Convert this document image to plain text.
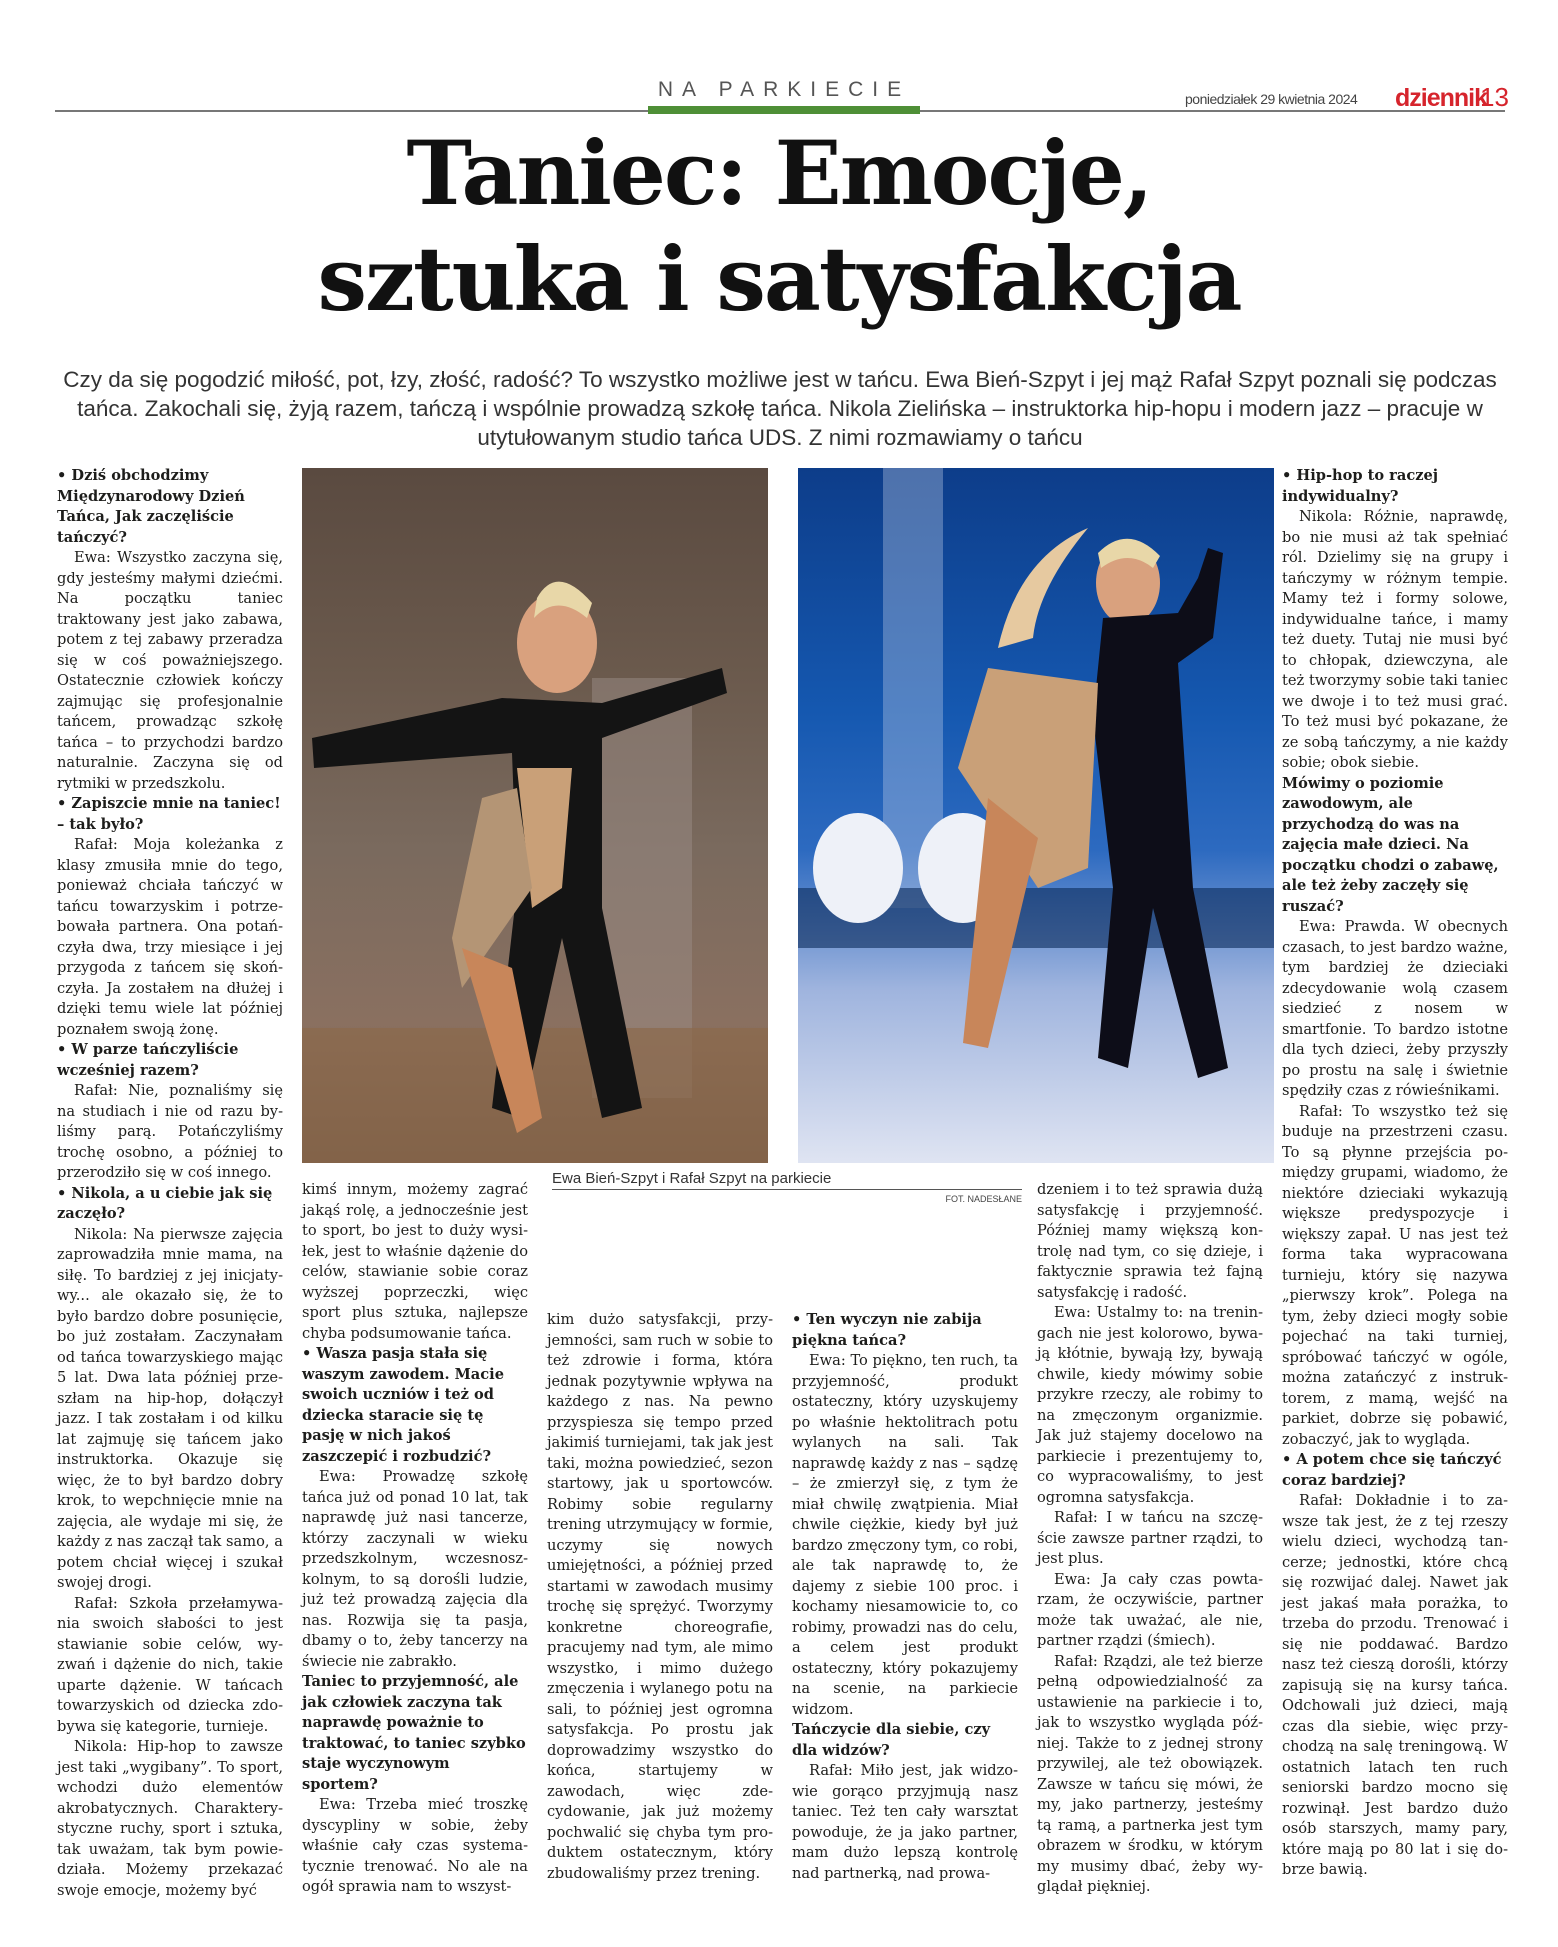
NA PARKIECIE	poniedziałek 29 kwietnia 2024 dziennik
13
Taniec: Emocje,
sztuka i satysfakcja

Czy da się pogodzić miłość, pot, łzy, złość, radość? To wszystko możliwe jest w tańcu. Ewa Bień-Szpyt i jej mąż Rafał Szpyt poznali się podczas tańca. Zakochali się, żyją razem, tańczą i wspólnie prowadzą szkołę tańca. Nikola Zielińska – instruktorka hip-hopu i modern jazz – pracuje w utytułowanym studio tańca UDS. Z nimi rozmawiamy o tańcu

Ewa Bień-Szpyt i Rafał Szpyt na parkiecie
FOT. NADESŁANE

• Dziś obchodzimy Międzynarodowy Dzień Tańca, Jak zaczęliście tańczyć?

Ewa: Wszystko zaczyna się, gdy jesteśmy małymi dziećmi. Na początku taniec traktowany jest jako zabawa, potem z tej zabawy przeradza się w coś poważniejszego. Ostatecznie człowiek kończy zajmując się profesjonalnie tańcem, prowadząc szkołę tańca – to przychodzi bardzo naturalnie. Zaczyna się od rytmiki w przedszkolu.

• Zapiszcie mnie na taniec! – tak było?

Rafał: Moja koleżanka z klasy zmusiła mnie do tego, ponieważ chciała tańczyć w tańcu towarzyskim i potrzebowała partnera. Ona potańczyła dwa, trzy miesiące i jej przygoda z tańcem się skończyła. Ja zostałem na dłużej i dzięki temu wiele lat później poznałem swoją żonę.

• W parze tańczyliście wcześniej razem?

Rafał: Nie, poznaliśmy się na studiach i nie od razu byliśmy parą. Potańczyliśmy trochę osobno, a później to przerodziło się w coś innego.

• Nikola, a u ciebie jak się zaczęło?

Nikola: Na pierwsze zajęcia zaprowadziła mnie mama, na siłę. To bardziej z jej inicjatywy... ale okazało się, że to było bardzo dobre posunięcie, bo już zostałam. Zaczynałam od tańca towarzyskiego mając 5 lat. Dwa lata później przeszłam na hip-hop, dołączył jazz. I tak zostałam i od kilku lat zajmuję się tańcem jako instruktorka. Okazuje się więc, że to był bardzo dobry krok, to wepchnięcie mnie na zajęcia, ale wydaje mi się, że każdy z nas zaczął tak samo, a potem chciał więcej i szukał swojej drogi.

Rafał: Szkoła przełamywania swoich słabości to jest stawianie sobie celów, wyzwań i dążenie do nich, takie uparte dążenie. W tańcach towarzyskich od dziecka zdobywa się kategorie, turnieje.

Nikola: Hip-hop to zawsze jest taki „wygibany”. To sport, wchodzi dużo elementów akrobatycznych. Charakterystyczne ruchy, sport i sztuka, tak uważam, tak bym powiedziała. Możemy przekazać swoje emocje, możemy być

kimś innym, możemy zagrać jakąś rolę, a jednocześnie jest to sport, bo jest to duży wysiłek, jest to właśnie dążenie do celów, stawianie sobie coraz wyższej poprzeczki, więc sport plus sztuka, najlepsze chyba podsumowanie tańca.

• Wasza pasja stała się waszym zawodem. Macie swoich uczniów i też od dziecka staracie się tę pasję w nich jakoś zaszczepić i rozbudzić?

Ewa: Prowadzę szkołę tańca już od ponad 10 lat, tak naprawdę już nasi tancerze, którzy zaczynali w wieku przedszkolnym, wczesnoszkolnym, to są dorośli ludzie, już też prowadzą zajęcia dla nas. Rozwija się ta pasja, dbamy o to, żeby tancerzy na świecie nie zabrakło.

Taniec to przyjemność, ale jak człowiek zaczyna tak naprawdę poważnie to traktować, to taniec szybko staje wyczynowym sportem?

Ewa: Trzeba mieć troszkę dyscypliny w sobie, żeby właśnie cały czas systematycznie trenować. No ale na ogół sprawia nam to wszyst-

kim dużo satysfakcji, przyjemności, sam ruch w sobie to też zdrowie i forma, która jednak pozytywnie wpływa na każdego z nas. Na pewno przyspiesza się tempo przed jakimiś turniejami, tak jak jest taki, można powiedzieć, sezon startowy, jak u sportowców. Robimy sobie regularny trening utrzymujący w formie, uczymy się nowych umiejętności, a później przed startami w zawodach musimy trochę się sprężyć. Tworzymy konkretne choreografie, pracujemy nad tym, ale mimo wszystko, i mimo dużego zmęczenia i wylanego potu na sali, to później jest ogromna satysfakcja. Po prostu jak doprowadzimy wszystko do końca, startujemy w zawodach, więc zdecydowanie, jak już możemy pochwalić się chyba tym produktem ostatecznym, który zbudowaliśmy przez trening.

• Ten wyczyn nie zabija piękna tańca?

Ewa: To piękno, ten ruch, ta przyjemność, produkt ostateczny, który uzyskujemy po właśnie hektolitrach potu wylanych na sali. Tak naprawdę każdy z nas – sądzę – że zmierzył się, z tym że miał chwilę zwątpienia. Miał chwile ciężkie, kiedy był już bardzo zmęczony tym, co robi, ale tak naprawdę to, że dajemy z siebie 100 proc. i kochamy niesamowicie to, co robimy, prowadzi nas do celu, a celem jest produkt ostateczny, który pokazujemy na scenie, na parkiecie widzom.

Tańczycie dla siebie, czy dla widzów?

Rafał: Miło jest, jak widzowie gorąco przyjmują nasz taniec. Też ten cały warsztat powoduje, że ja jako partner, mam dużo lepszą kontrolę nad partnerką, nad prowa-

dzeniem i to też sprawia dużą satysfakcję i przyjemność. Później mamy większą kontrolę nad tym, co się dzieje, i faktycznie sprawia też fajną satysfakcję i radość.

Ewa: Ustalmy to: na treningach nie jest kolorowo, bywają kłótnie, bywają łzy, bywają chwile, kiedy mówimy sobie przykre rzeczy, ale robimy to na zmęczonym organizmie. Jak już stajemy docelowo na parkiecie i prezentujemy to, co wypracowaliśmy, to jest ogromna satysfakcja.

Rafał: I w tańcu na szczęście zawsze partner rządzi, to jest plus.

Ewa: Ja cały czas powtarzam, że oczywiście, partner może tak uważać, ale nie, partner rządzi (śmiech).

Rafał: Rządzi, ale też bierze pełną odpowiedzialność za ustawienie na parkiecie i to, jak to wszystko wygląda później. Także to z jednej strony przywilej, ale też obowiązek. Zawsze w tańcu się mówi, że my, jako partnerzy, jesteśmy tą ramą, a partnerka jest tym obrazem w środku, w którym my musimy dbać, żeby wyglądał piękniej.

• Hip-hop to raczej indywidualny?

Nikola: Różnie, naprawdę, bo nie musi aż tak spełniać ról. Dzielimy się na grupy i tańczymy w różnym tempie. Mamy też i formy solowe, indywidualne tańce, i mamy też duety. Tutaj nie musi być to chłopak, dziewczyna, ale też tworzymy sobie taki taniec we dwoje i to też musi grać. To też musi być pokazane, że ze sobą tańczymy, a nie każdy sobie; obok siebie.

Mówimy o poziomie zawodowym, ale przychodzą do was na zajęcia małe dzieci. Na początku chodzi o zabawę, ale też żeby zaczęły się ruszać?

Ewa: Prawda. W obecnych czasach, to jest bardzo ważne, tym bardziej że dzieciaki zdecydowanie wolą czasem siedzieć z nosem w smartfonie. To bardzo istotne dla tych dzieci, żeby przyszły po prostu na salę i świetnie spędziły czas z rówieśnikami.

Rafał: To wszystko też się buduje na przestrzeni czasu. To są płynne przejścia pomiędzy grupami, wiadomo, że niektóre dzieciaki wykazują większe predyspozycje i większy zapał. U nas jest też forma taka wypracowana turnieju, który się nazywa „pierwszy krok”. Polega na tym, żeby dzieci mogły sobie pojechać na taki turniej, spróbować tańczyć w ogóle, można zatańczyć z instruktorem, z mamą, wejść na parkiet, dobrze się pobawić, zobaczyć, jak to wygląda.

• A potem chce się tańczyć coraz bardziej?

Rafał: Dokładnie i to zawsze tak jest, że z tej rzeszy wielu dzieci, wychodzą tancerze; jednostki, które chcą się rozwijać dalej. Nawet jak jest jakaś mała porażka, to trzeba do przodu. Trenować i się nie poddawać. Bardzo nasz też cieszą dorośli, którzy zapisują się na kursy tańca. Odchowali już dzieci, mają czas dla siebie, więc przychodzą na salę treningową. W ostatnich latach ten ruch seniorski bardzo mocno się rozwinął. Jest bardzo dużo osób starszych, mamy pary, które mają po 80 lat i się dobrze bawią.
